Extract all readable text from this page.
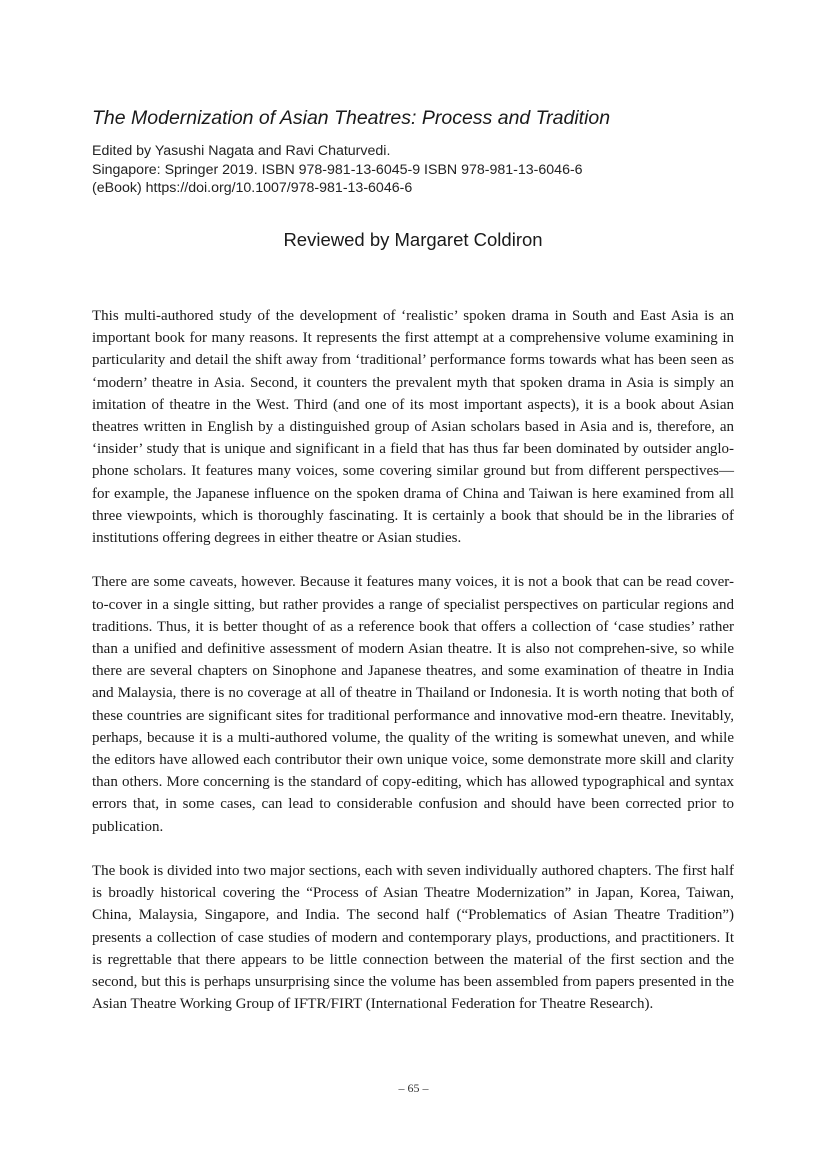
The Modernization of Asian Theatres: Process and Tradition
Edited by Yasushi Nagata and Ravi Chaturvedi.
Singapore: Springer 2019. ISBN 978-981-13-6045-9 ISBN 978-981-13-6046-6
(eBook) https://doi.org/10.1007/978-981-13-6046-6
Reviewed by Margaret Coldiron

This multi-authored study of the development of ‘realistic’ spoken drama in South and East Asia is an important book for many reasons. It represents the first attempt at a comprehensive volume examining in particularity and detail the shift away from ‘traditional’ performance forms towards what has been seen as ‘modern’ theatre in Asia. Second, it counters the prevalent myth that spoken drama in Asia is simply an imitation of theatre in the West. Third (and one of its most important aspects), it is a book about Asian theatres written in English by a distinguished group of Asian scholars based in Asia and is, therefore, an ‘insider’ study that is unique and significant in a field that has thus far been dominated by outsider anglo-phone scholars. It features many voices, some covering similar ground but from different perspectives—for example, the Japanese influence on the spoken drama of China and Taiwan is here examined from all three viewpoints, which is thoroughly fascinating. It is certainly a book that should be in the libraries of institutions offering degrees in either theatre or Asian studies.

There are some caveats, however. Because it features many voices, it is not a book that can be read cover-to-cover in a single sitting, but rather provides a range of specialist perspectives on particular regions and traditions. Thus, it is better thought of as a reference book that offers a collection of ‘case studies’ rather than a unified and definitive assessment of modern Asian theatre. It is also not comprehen-sive, so while there are several chapters on Sinophone and Japanese theatres, and some examination of theatre in India and Malaysia, there is no coverage at all of theatre in Thailand or Indonesia. It is worth noting that both of these countries are significant sites for traditional performance and innovative mod-ern theatre. Inevitably, perhaps, because it is a multi-authored volume, the quality of the writing is somewhat uneven, and while the editors have allowed each contributor their own unique voice, some demonstrate more skill and clarity than others. More concerning is the standard of copy-editing, which has allowed typographical and syntax errors that, in some cases, can lead to considerable confusion and should have been corrected prior to publication.

The book is divided into two major sections, each with seven individually authored chapters. The first half is broadly historical covering the “Process of Asian Theatre Modernization” in Japan, Korea, Taiwan, China, Malaysia, Singapore, and India. The second half (“Problematics of Asian Theatre Tradition”) presents a collection of case studies of modern and contemporary plays, productions, and practitioners. It is regrettable that there appears to be little connection between the material of the first section and the second, but this is perhaps unsurprising since the volume has been assembled from papers presented in the Asian Theatre Working Group of IFTR/FIRT (International Federation for Theatre Research).

– 65 –
